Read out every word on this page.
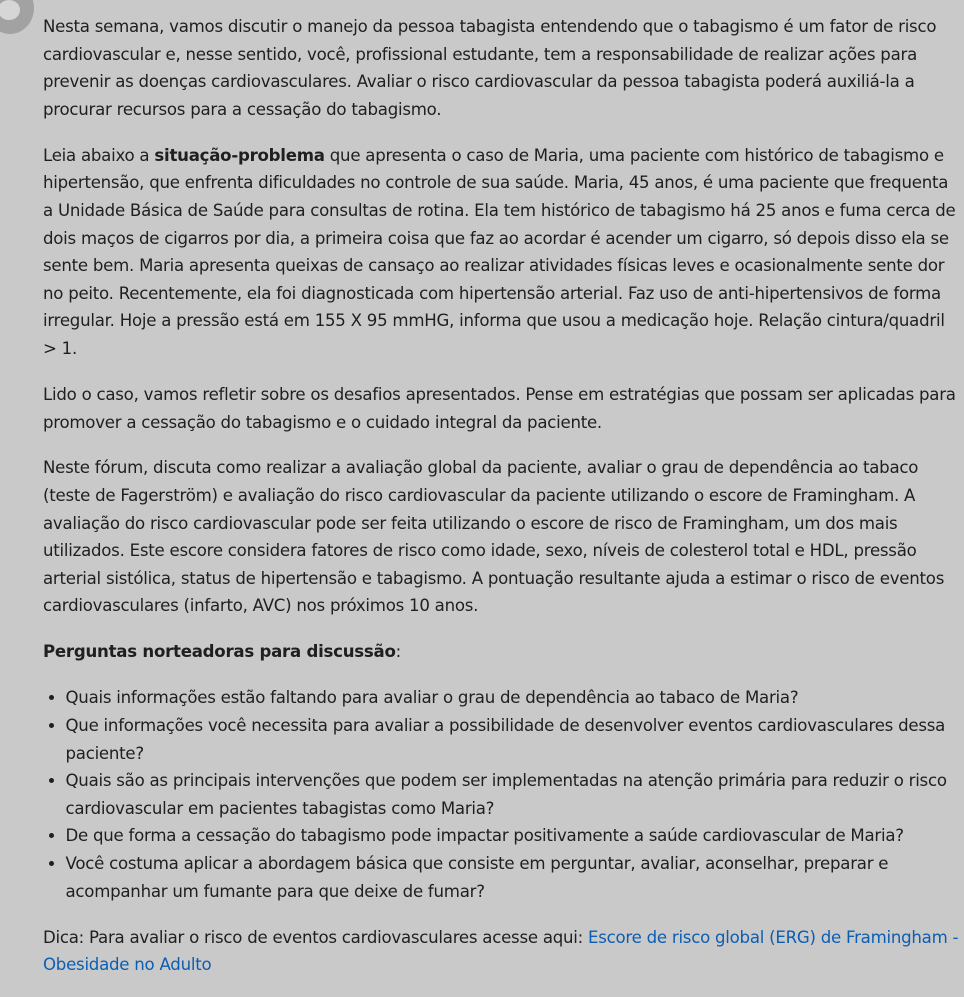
Nesta semana, vamos discutir o manejo da pessoa tabagista entendendo que o tabagismo é um fator de risco cardiovascular e, nesse sentido, você, profissional estudante, tem a responsabilidade de realizar ações para prevenir as doenças cardiovasculares. Avaliar o risco cardiovascular da pessoa tabagista poderá auxiliá-la a procurar recursos para a cessação do tabagismo.

Leia abaixo a situação-problema que apresenta o caso de Maria, uma paciente com histórico de tabagismo e hipertensão, que enfrenta dificuldades no controle de sua saúde. Maria, 45 anos, é uma paciente que frequenta a Unidade Básica de Saúde para consultas de rotina. Ela tem histórico de tabagismo há 25 anos e fuma cerca de dois maços de cigarros por dia, a primeira coisa que faz ao acordar é acender um cigarro, só depois disso ela se sente bem. Maria apresenta queixas de cansaço ao realizar atividades físicas leves e ocasionalmente sente dor no peito. Recentemente, ela foi diagnosticada com hipertensão arterial. Faz uso de anti-hipertensivos de forma irregular. Hoje a pressão está em 155 X 95 mmHG, informa que usou a medicação hoje. Relação cintura/quadril > 1.

Lido o caso, vamos refletir sobre os desafios apresentados. Pense em estratégias que possam ser aplicadas para promover a cessação do tabagismo e o cuidado integral da paciente.

Neste fórum, discuta como realizar a avaliação global da paciente, avaliar o grau de dependência ao tabaco (teste de Fagerström) e avaliação do risco cardiovascular da paciente utilizando o escore de Framingham. A avaliação do risco cardiovascular pode ser feita utilizando o escore de risco de Framingham, um dos mais utilizados. Este escore considera fatores de risco como idade, sexo, níveis de colesterol total e HDL, pressão arterial sistólica, status de hipertensão e tabagismo. A pontuação resultante ajuda a estimar o risco de eventos cardiovasculares (infarto, AVC) nos próximos 10 anos.

Perguntas norteadoras para discussão:

• Quais informações estão faltando para avaliar o grau de dependência ao tabaco de Maria?
• Que informações você necessita para avaliar a possibilidade de desenvolver eventos cardiovasculares dessa paciente?
• Quais são as principais intervenções que podem ser implementadas na atenção primária para reduzir o risco cardiovascular em pacientes tabagistas como Maria?
• De que forma a cessação do tabagismo pode impactar positivamente a saúde cardiovascular de Maria?
• Você costuma aplicar a abordagem básica que consiste em perguntar, avaliar, aconselhar, preparar e acompanhar um fumante para que deixe de fumar?

Dica: Para avaliar o risco de eventos cardiovasculares acesse aqui: Escore de risco global (ERG) de Framingham - Obesidade no Adulto
